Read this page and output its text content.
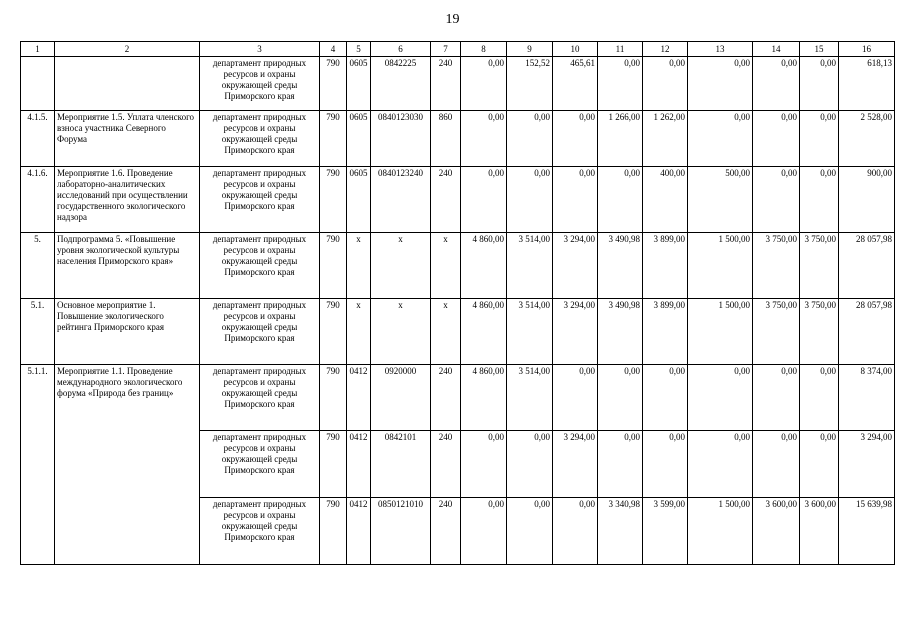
19
1	2	3	4	5	6	7	8	9	10	11	12	13	14	15	16
		департамент природных ресурсов и охраны окружающей среды Приморского края	790	0605	0842225	240	0,00	152,52	465,61	0,00	0,00	0,00	0,00	0,00	618,13
4.1.5.	Мероприятие 1.5. Уплата членского взноса участника Северного Форума	департамент природных ресурсов и охраны окружающей среды Приморского края	790	0605	0840123030	860	0,00	0,00	0,00	1 266,00	1 262,00	0,00	0,00	0,00	2 528,00
4.1.6.	Мероприятие 1.6. Проведение лабораторно-аналитических исследований при осуществлении государственного экологического надзора	департамент природных ресурсов и охраны окружающей среды Приморского края	790	0605	0840123240	240	0,00	0,00	0,00	0,00	400,00	500,00	0,00	0,00	900,00
5.	Подпрограмма 5. «Повышение уровня экологической культуры населения Приморского края»	департамент природных ресурсов и охраны окружающей среды Приморского края	790	х	х	х	4 860,00	3 514,00	3 294,00	3 490,98	3 899,00	1 500,00	3 750,00	3 750,00	28 057,98
5.1.	Основное мероприятие 1. Повышение экологического рейтинга Приморского края	департамент природных ресурсов и охраны окружающей среды Приморского края	790	х	х	х	4 860,00	3 514,00	3 294,00	3 490,98	3 899,00	1 500,00	3 750,00	3 750,00	28 057,98
5.1.1.	Мероприятие 1.1. Проведение международного экологического форума «Природа без границ»	департамент природных ресурсов и охраны окружающей среды Приморского края	790	0412	0920000	240	4 860,00	3 514,00	0,00	0,00	0,00	0,00	0,00	0,00	8 374,00
		департамент природных ресурсов и охраны окружающей среды Приморского края	790	0412	0842101	240	0,00	0,00	3 294,00	0,00	0,00	0,00	0,00	0,00	3 294,00
		департамент природных ресурсов и охраны окружающей среды Приморского края	790	0412	0850121010	240	0,00	0,00	0,00	3 340,98	3 599,00	1 500,00	3 600,00	3 600,00	15 639,98
